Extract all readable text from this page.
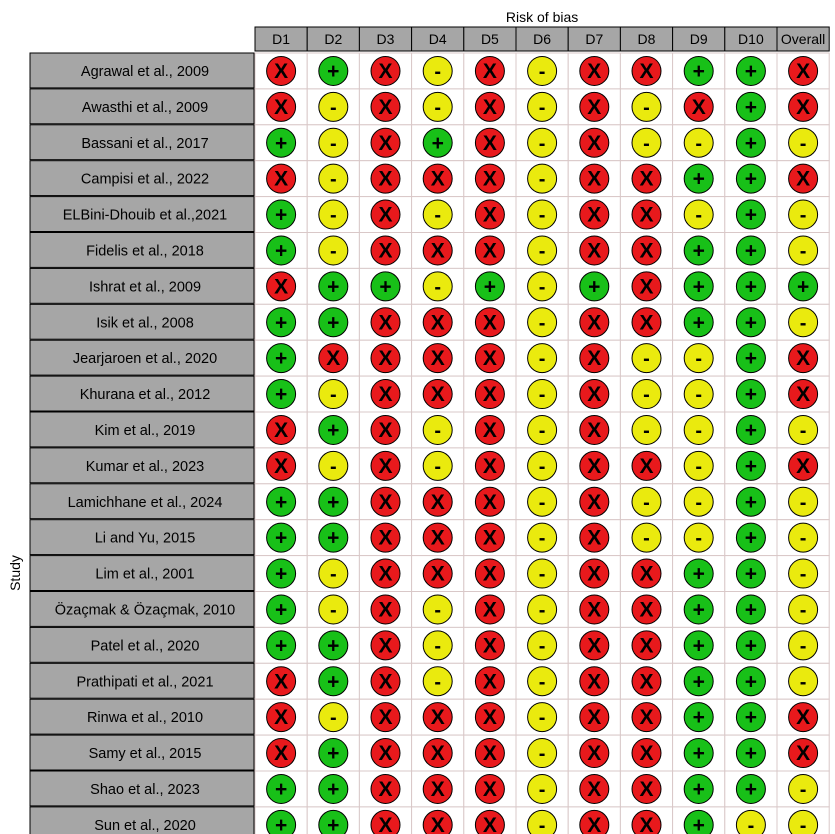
Risk of bias
Study
D1 D2 D3 D4 D5 D6 D7 D8 D9 D10 Overall
Agrawal et al., 2009
Awasthi et al., 2009
Bassani et al., 2017
Campisi et al., 2022
ELBini-Dhouib et al.,2021
Fidelis et al., 2018
Ishrat et al., 2009
Isik et al., 2008
Jearjaroen et al., 2020
Khurana et al., 2012
Kim et al., 2019
Kumar et al., 2023
Lamichhane et al., 2024
Li and Yu, 2015
Lim et al., 2001
Özaçmak & Özaçmak, 2010
Patel et al., 2020
Prathipati et al., 2021
Rinwa et al., 2010
Samy et al., 2015
Shao et al., 2023
Sun et al., 2020
X + X - X - X X + + X
X - X - X - X - X + X
+ - X + X - X - - + -
X - X X X - X X + + X
+ - X - X - X X - + -
+ - X X X - X X + + -
X + + - + - + X + + +
+ + X X X - X X + + -
+ X X X X - X - - + X
+ - X X X - X - - + X
X + X - X - X - - + -
X - X - X - X X - + X
+ + X X X - X - - + -
+ + X X X - X - - + -
+ - X X X - X X + + -
+ - X - X - X X + + -
+ + X - X - X X + + -
X + X - X - X X + + -
X - X X X - X X + + X
X + X X X - X X + + X
+ + X X X - X X + + -
+ + X X X - X X + - -
